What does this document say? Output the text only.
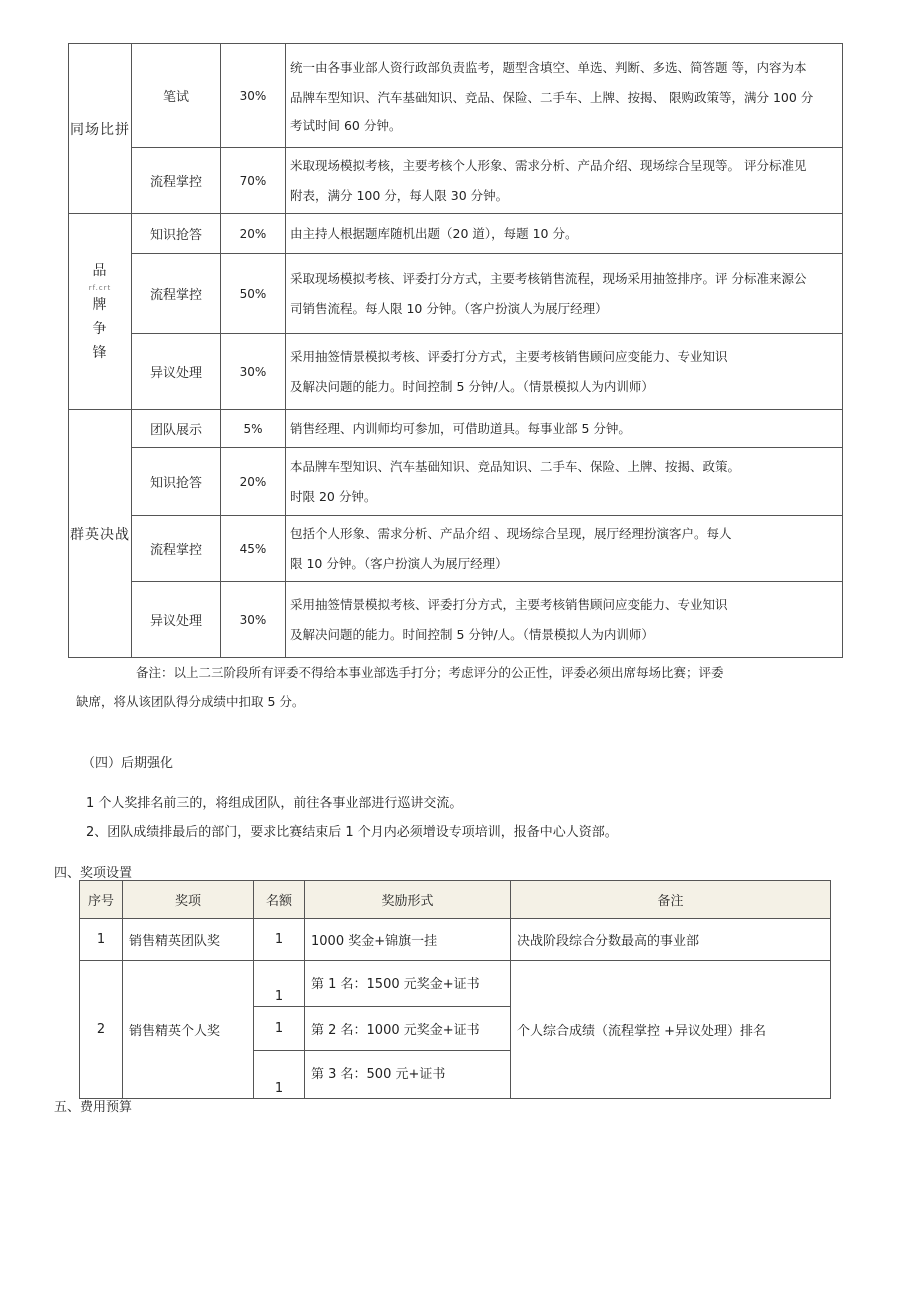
同场比拼	笔试	30%	统一由各事业部人资行政部负责监考，题型含填空、单选、判断、多选、简答题 等，内容为本
品牌车型知识、汽车基础知识、竞品、保险、二手车、上牌、按揭、 限购政策等，满分 100 分
考试时间 60 分钟。

	流程掌控	70%	米取现场模拟考核，主要考核个人形象、需求分析、产品介绍、现场综合呈现等。 评分标准见
附表，满分 100 分，每人限 30 分钟。

品
rf.crt
牌
争
锋	知识抢答	20%	由主持人根据题库随机出题（20 道），每题 10 分。

	流程掌控	50%	采取现场模拟考核、评委打分方式，主要考核销售流程，现场采用抽签排序。评 分标准来源公
司销售流程。每人限 10 分钟。（客户扮演人为展厅经理）

	异议处理	30%	采用抽签情景模拟考核、评委打分方式，主要考核销售顾问应变能力、专业知识
及解决问题的能力。时间控制 5 分钟/人。（情景模拟人为内训师）

群英决战	团队展示	5%	销售经理、内训师均可参加，可借助道具。每事业部 5 分钟。

	知识抢答	20%	本品牌车型知识、汽车基础知识、竞品知识、二手车、保险、上牌、按揭、政策。
时限 20 分钟。

	流程掌控	45%	包括个人形象、需求分析、产品介绍 、现场综合呈现，展厅经理扮演客户。每人
限 10 分钟。（客户扮演人为展厅经理）

	异议处理	30%	采用抽签情景模拟考核、评委打分方式，主要考核销售顾问应变能力、专业知识
及解决问题的能力。时间控制 5 分钟/人。（情景模拟人为内训师）
备注：以上二三阶段所有评委不得给本事业部选手打分；考虑评分的公正性，评委必须出席每场比赛；评委
缺席，将从该团队得分成绩中扣取 5 分。
（四）后期强化
1 个人奖排名前三的，将组成团队，前往各事业部进行巡讲交流。
2、团队成绩排最后的部门，要求比赛结束后 1 个月内必须增设专项培训，报备中心人资部。
四、奖项设置
序号	奖项	名额	奖励形式	备注
1	销售精英团队奖	1	1000 奖金+锦旗一挂	决战阶段综合分数最高的事业部
2	销售精英个人奖	1	第 1 名：1500 元奖金+证书	个人综合成绩（流程掌控 +异议处理）排名
		1	第 2 名：1000 元奖金+证书	
		1	第 3 名：500 元+证书	
五、费用预算
